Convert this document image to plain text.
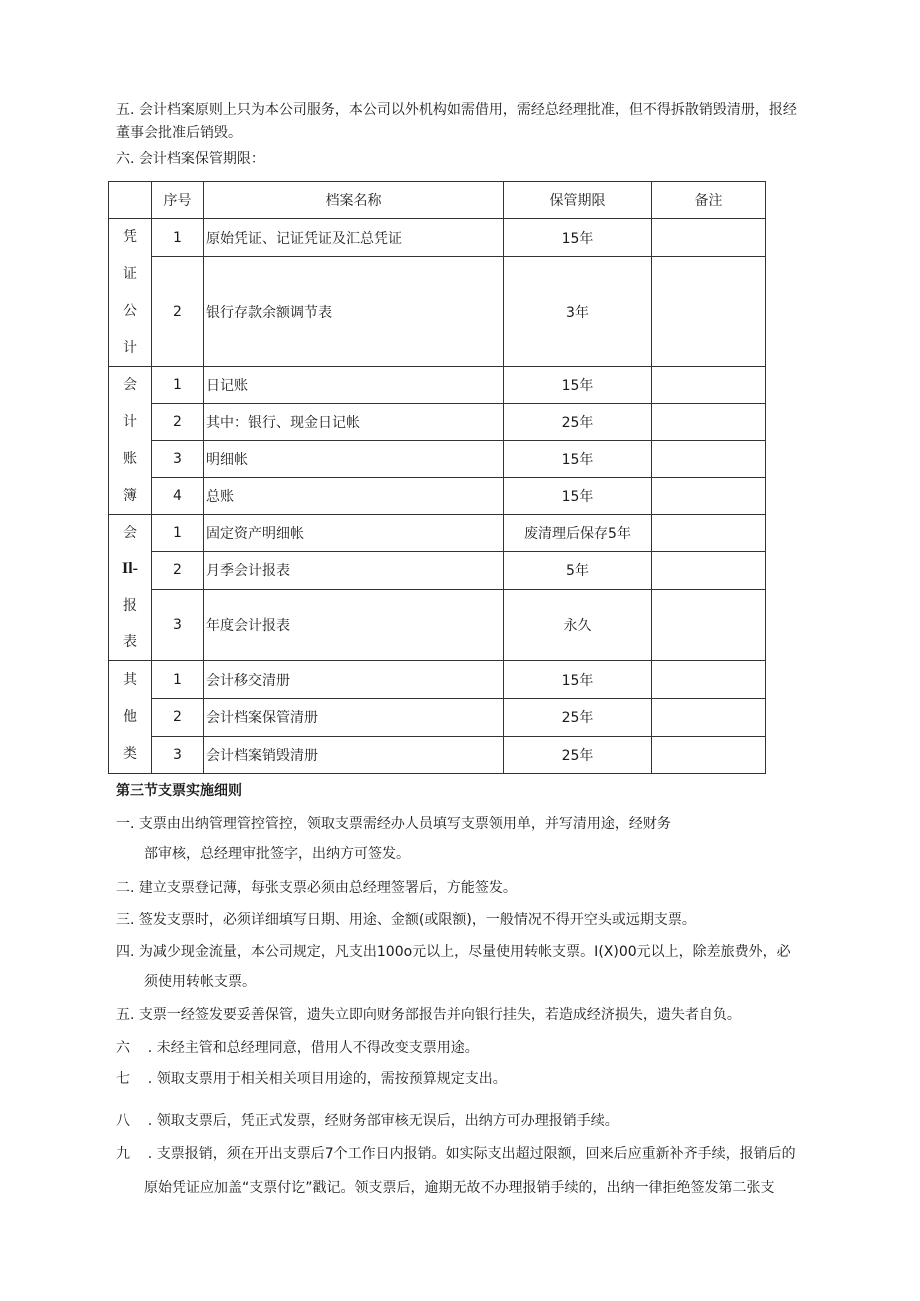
五. 会计档案原则上只为本公司服务，本公司以外机构如需借用，需经总经理批准，但不得拆散销毁清册，报经
董事会批准后销毁。
六. 会计档案保管期限：
	序号	档案名称	保管期限	备注

凭
证
公
计	1	原始凭证、记证凭证及汇总凭证	15年	
	2	银行存款余额调节表	3年	

会
计
账
簿	1	日记账	15年	
	2	其中：银行、现金日记帐	25年	
	3	明细帐	15年	
	4	总账	15年	

会
Il-
报
表	1	固定资产明细帐	废清理后保存5年	
	2	月季会计报表	5年	
	3	年度会计报表	永久	

其
他
类	1	会计移交清册	15年	
	2	会计档案保管清册	25年	
	3	会计档案销毁清册	25年	
第三节支票实施细则
一. 支票由出纳管理管控管控，领取支票需经办人员填写支票领用单，并写清用途，经财务
部审核，总经理审批签字，出纳方可签发。
二. 建立支票登记薄，每张支票必须由总经理签署后，方能签发。
三. 签发支票时，必须详细填写日期、用途、金额(或限额)，一般情况不得开空头或远期支票。
四. 为减少现金流量，本公司规定，凡支出100o元以上，尽量使用转帐支票。I(X)00元以上，除差旅费外，必
须使用转帐支票。
五. 支票一经签发要妥善保管，遗失立即向财务部报告并向银行挂失，若造成经济损失，遗失者自负。
六    . 未经主管和总经理同意，借用人不得改变支票用途。
七    . 领取支票用于相关相关项目用途的，需按预算规定支出。
八    . 领取支票后，凭正式发票，经财务部审核无误后，出纳方可办理报销手续。
九    . 支票报销，须在开出支票后7个工作日内报销。如实际支出超过限额，回来后应重新补齐手续，报销后的
原始凭证应加盖“支票付讫”戳记。领支票后，逾期无故不办理报销手续的，出纳一律拒绝签发第二张支
